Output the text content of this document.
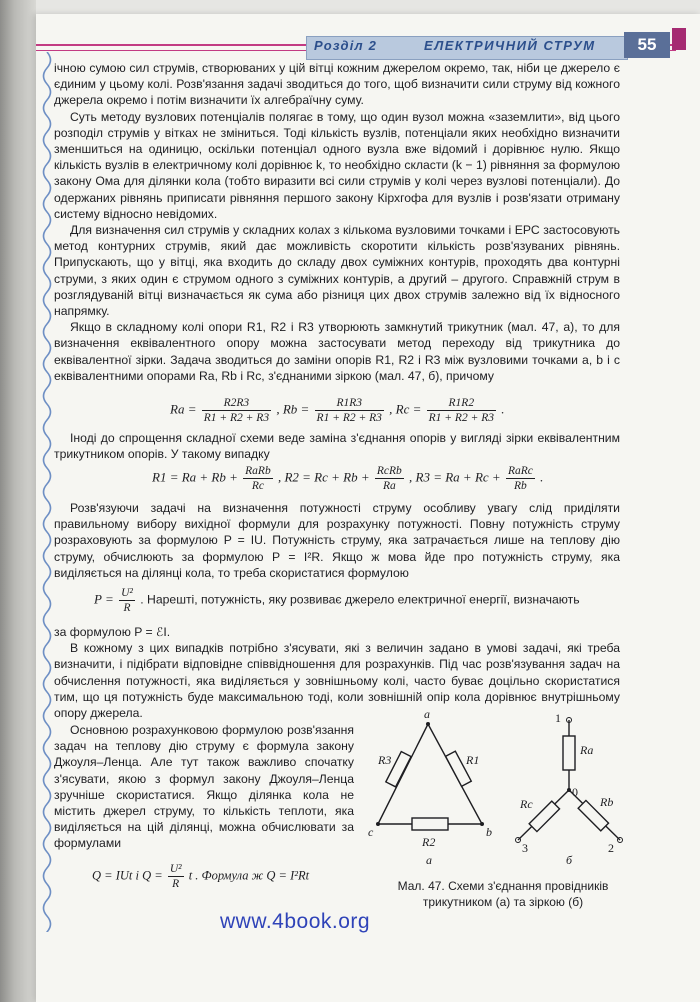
Розділ 2	ЕЛЕКТРИЧНИЙ СТРУМ	55

ічною сумою сил струмів, створюваних у цій вітці кожним джерелом окремо, так, ніби це джерело є єдиним у цьому колі. Розв'язання задачі зводиться до того, щоб визначити сили струму від кожного джерела окремо і потім визначити їх алгебраїчну суму.

Суть методу вузлових потенціалів полягає в тому, що один вузол можна «заземлити», від цього розподіл струмів у вітках не зміниться. Тоді кількість вузлів, потенціали яких необхідно визначити зменшиться на одиницю, оскільки потенціал одного вузла вже відомий і дорівнює нулю. Якщо кількість вузлів в електричному колі дорівнює k, то необхідно скласти (k − 1) рівняння за формулою закону Ома для ділянки кола (тобто виразити всі сили струмів у колі через вузлові потенціали). До одержаних рівнянь приписати рівняння першого закону Кірхгофа для вузлів і розв'язати отриману систему відносно невідомих.

Для визначення сил струмів у складних колах з кількома вузловими точками і ЕРС застосовують метод контурних струмів, який дає можливість скоротити кількість розв'язуваних рівнянь. Припускають, що у вітці, яка входить до складу двох суміжних контурів, проходять два контурні струми, з яких один є струмом одного з суміжних контурів, а другий – другого. Справжній струм в розглядуваній вітці визначається як сума або різниця цих двох струмів залежно від їх відносного напрямку.

Якщо в складному колі опори R1, R2 і R3 утворюють замкнутий трикутник (мал. 47, а), то для визначення еквівалентного опору можна застосувати метод переходу від трикутника до еквівалентної зірки. Задача зводиться до заміни опорів R1, R2 і R3 між вузловими точками a, b і c еквівалентними опорами Ra, Rb і Rc, з'єднаними зіркою (мал. 47, б), причому

$Ra = \frac{R2R3}{R1 + R2 + R3}$ , $Rb = \frac{R1R3}{R1 + R2 + R3}$ , $Rc = \frac{R1R2}{R1 + R2 + R3}$ .

Іноді до спрощення складної схеми веде заміна з'єднання опорів у вигляді зірки еквівалентним трикутником опорів. У такому випадку

$R1 = Ra + Rb + \frac{\text{RaRb}}{Rc}$ , $R2 = Rc + Rb + \frac{\text{RcRb}}{Ra}$ , $R3 = Ra + Rc + \frac{\text{RaRc}}{Rb}$ .

Розв'язуючи задачі на визначення потужності струму особливу увагу слід приділяти правильному вибору вихідної формули для розрахунку потужності. Повну потужність струму розраховують за формулою P = IU. Потужність струму, яка затрачається лише на теплову дію струму, обчислюють за формулою P = I²R. Якщо ж мова йде про потужність струму, яка виділяється на ділянці кола, то треба скористатися формулою

$P = \frac{\text{U²}}{R}$ . Нарешті, потужність, яку розвиває джерело електричної енергії, визначають

за формулою P = ℰI.

В кожному з цих випадків потрібно з'ясувати, які з величин задано в умові задачі, які треба визначити, і підібрати відповідне співвідношення для розрахунків. Під час розв'язування задач на обчислення потужності, яка виділяється у зовнішньому колі, часто буває доцільно скористатися тим, що ця потужність буде максимальною тоді, коли зовнішній опір кола дорівнює внутрішньому опору джерела.

Основною розрахунковою формулою розв'язання задач на теплову дію струму є формула закону Джоуля–Ленца. Але тут також важливо спочатку з'ясувати, якою з формул закону Джоуля–Ленца зручніше скористатися. Якщо ділянка кола не містить джерел струму, то кількість теплоти, яка виділяється на цій ділянці, можна обчислювати за формулами

Q = IUt і $Q = \frac{\text{U²}}{R}$ t . Формула ж Q = I²Rt
a
c	b
R3	R1
R2
а
1
3	2
0
Ra
Rb
Rc
б
Мал. 47. Схеми з'єднання провідників трикутником (а) та зіркою (б)
www.4book.org
